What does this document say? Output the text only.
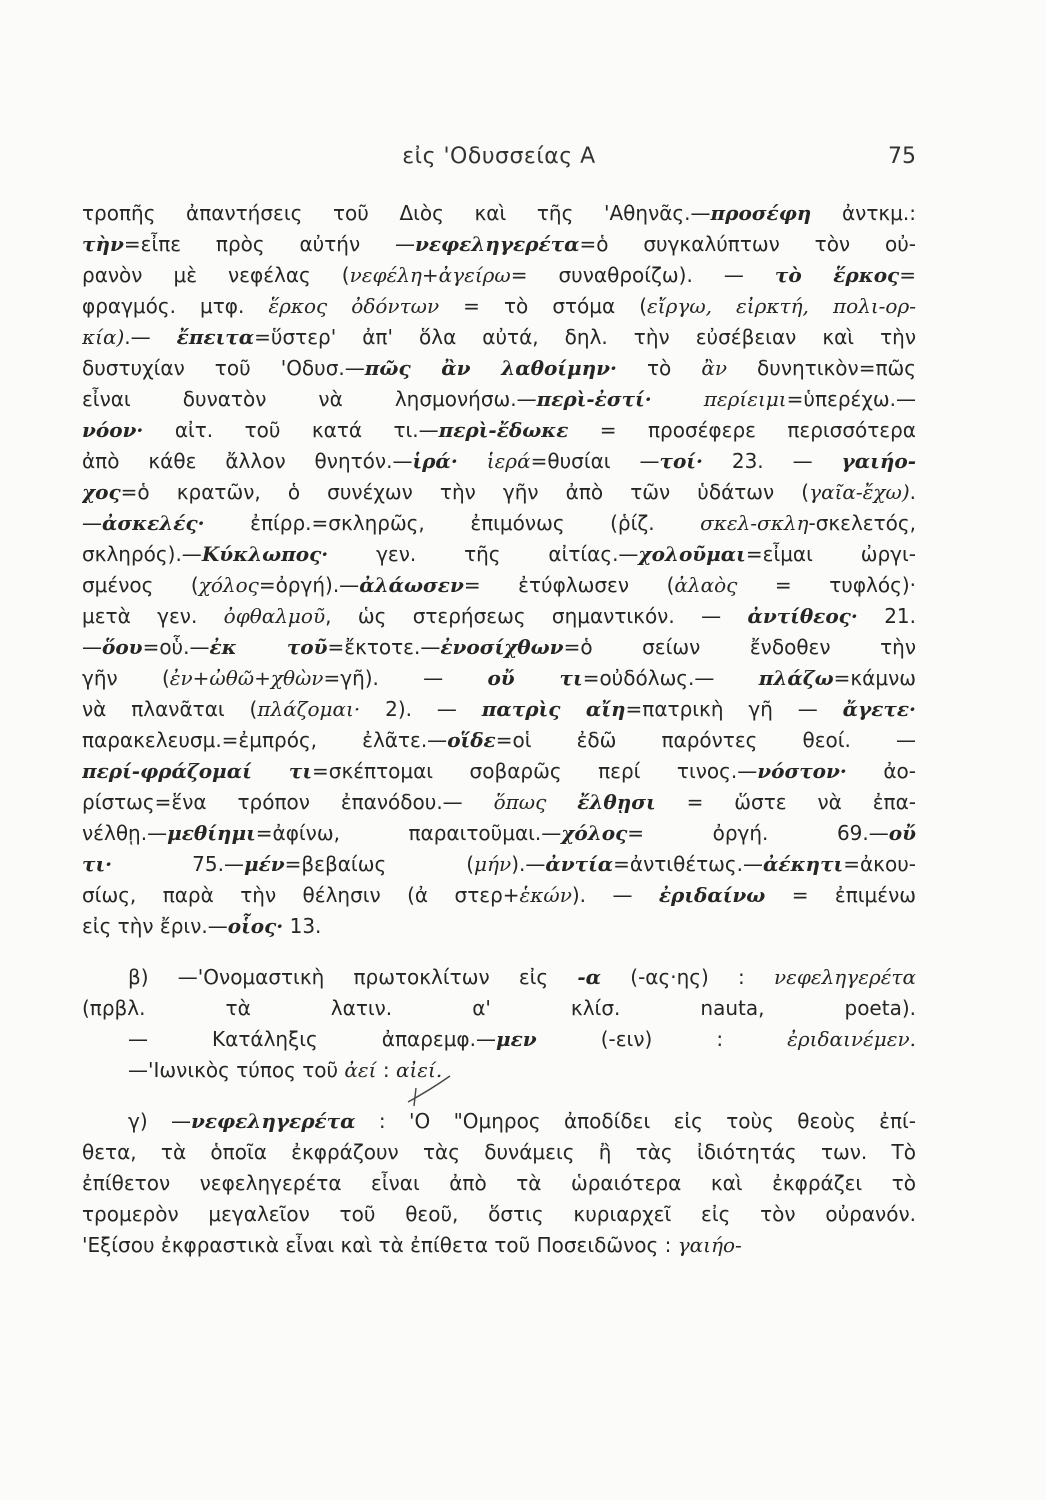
εἰς 'Οδυσσείας Α	75
τροπῆς ἀπαντήσεις τοῦ Διὸς καὶ τῆς 'Αθηνᾶς.—προσέφη ἀντκμ.:
τὴν=εἶπε πρὸς αὐτήν —νεφεληγερέτα=ὁ συγκαλύπτων τὸν οὐ-
ρανὸν μὲ νεφέλας (νεφέλη+ἀγείρω= συναθροίζω). — τὸ ἕρκος=
φραγμός. μτφ. ἕρκος ὀδόντων = τὸ στόμα (εἴργω, εἰρκτή, πολι-ορ-
κία).— ἔπειτα=ὕστερ' ἀπ' ὅλα αὐτά, δηλ. τὴν εὐσέβειαν καὶ τὴν
δυστυχίαν τοῦ 'Οδυσ.—πῶς ἂν λαθοίμην· τὸ ἂν δυνητικὸν=πῶς
εἶναι δυνατὸν νὰ λησμονήσω.—περὶ-ἐστί·	περίειμι=ὑπερέχω.—
νόον· αἰτ. τοῦ κατά τι.—περὶ-ἔδωκε = προσέφερε περισσότερα
ἀπὸ κάθε ἄλλον θνητόν.—ἱρά· ἱερά=θυσίαι —τοί· 23. — γαιήο-
χος=ὁ κρατῶν, ὁ συνέχων τὴν γῆν ἀπὸ τῶν ὑδάτων (γαῖα-ἔχω).
—ἀσκελές· ἐπίρρ.=σκληρῶς, ἐπιμόνως (ῥίζ. σκελ-σκλη-σκελετός,
σκληρός).—Κύκλωπος· γεν. τῆς αἰτίας.—χολοῦμαι=εἶμαι ὠργι-
σμένος (χόλος=ὀργή).—ἀλάωσεν= ἐτύφλωσεν (ἀλαὸς = τυφλός)·
μετὰ γεν. ὀφθαλμοῦ, ὡς στερήσεως σημαντικόν. — ἀντίθεος· 21.
—ὅου=οὗ.—ἐκ τοῦ=ἔκτοτε.—ἐνοσίχθων=ὁ σείων ἔνδοθεν τὴν
γῆν (ἐν+ὠθῶ+χθὼν=γῆ). — οὔ τι=οὐδόλως.— πλάζω=κάμνω
νὰ πλανᾶται (πλάζομαι· 2). — πατρὶς αἴη=πατρικὴ γῆ — ἄγετε·
παρακελευσμ.=ἐμπρός, ἐλᾶτε.—οἵδε=οἱ ἐδῶ παρόντες θεοί. —
περί-φράζομαί τι=σκέπτομαι σοβαρῶς περί τινος.—νόστον· ἀο-
ρίστως=ἕνα τρόπον ἐπανόδου.— ὅπως ἔλθῃσι = ὥστε νὰ ἐπα-
νέλθῃ.—μεθίημι=ἀφίνω, παραιτοῦμαι.—χόλος= ὀργή. 69.—οὔ
τι· 75.—μέν=βεβαίως (μήν).—ἀντία=ἀντιθέτως.—ἀέκητι=ἀκου-
σίως, παρὰ τὴν θέλησιν (ἀ στερ+ἑκών). — ἐριδαίνω = ἐπιμένω
εἰς τὴν ἔριν.—οἷος· 13.
β) —'Ονομαστικὴ πρωτοκλίτων εἰς -α (-ας·ης) : νεφεληγερέτα
(πρβλ. τὰ λατιν. α' κλίσ. nauta, poeta).
— Κατάληξις ἀπαρεμφ.—μεν (-ειν) : ἐριδαινέμεν.
—'Ιωνικὸς τύπος τοῦ ἀεί : αἰεί.
γ) —νεφεληγερέτα : 'Ο "Ομηρος ἀποδίδει εἰς τοὺς θεοὺς ἐπί-
θετα, τὰ ὁποῖα ἐκφράζουν τὰς δυνάμεις ἢ τὰς ἰδιότητάς των. Τὸ
ἐπίθετον νεφεληγερέτα εἶναι ἀπὸ τὰ ὡραιότερα καὶ ἐκφράζει τὸ
τρομερὸν μεγαλεῖον τοῦ θεοῦ, ὅστις κυριαρχεῖ εἰς τὸν οὐρανόν.
'Εξίσου ἐκφραστικὰ εἶναι καὶ τὰ ἐπίθετα τοῦ Ποσειδῶνος : γαιήο-
